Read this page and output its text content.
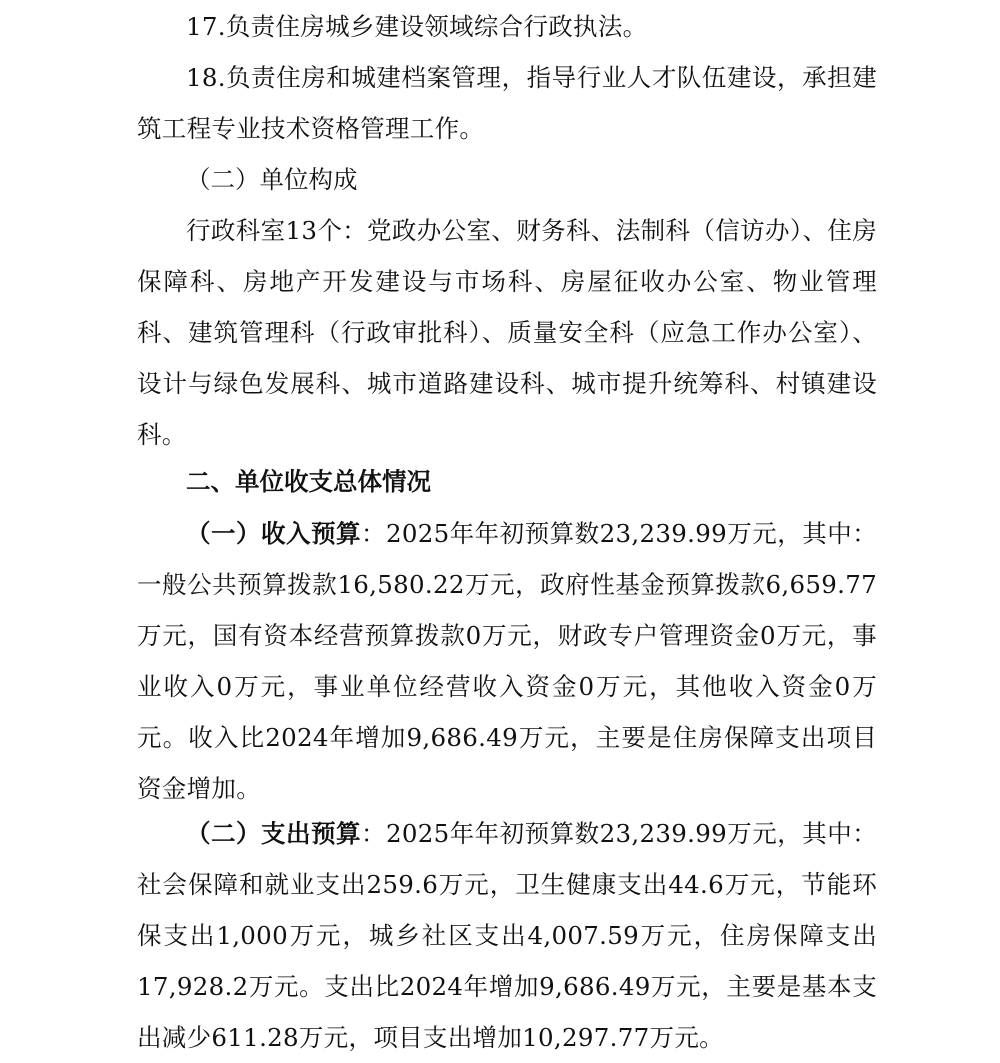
17.负责住房城乡建设领域综合行政执法。

18.负责住房和城建档案管理，指导行业人才队伍建设，承担建筑工程专业技术资格管理工作。

（二）单位构成

行政科室13个：党政办公室、财务科、法制科（信访办）、住房保障科、房地产开发建设与市场科、房屋征收办公室、物业管理科、建筑管理科（行政审批科）、质量安全科（应急工作办公室）、设计与绿色发展科、城市道路建设科、城市提升统筹科、村镇建设科。

二、单位收支总体情况

（一）收入预算：2025年年初预算数23,239.99万元，其中：一般公共预算拨款16,580.22万元，政府性基金预算拨款6,659.77万元，国有资本经营预算拨款0万元，财政专户管理资金0万元，事业收入0万元，事业单位经营收入资金0万元，其他收入资金0万元。收入比2024年增加9,686.49万元，主要是住房保障支出项目资金增加。

（二）支出预算：2025年年初预算数23,239.99万元，其中：社会保障和就业支出259.6万元，卫生健康支出44.6万元，节能环保支出1,000万元，城乡社区支出4,007.59万元，住房保障支出17,928.2万元。支出比2024年增加9,686.49万元，主要是基本支出减少611.28万元，项目支出增加10,297.77万元。
